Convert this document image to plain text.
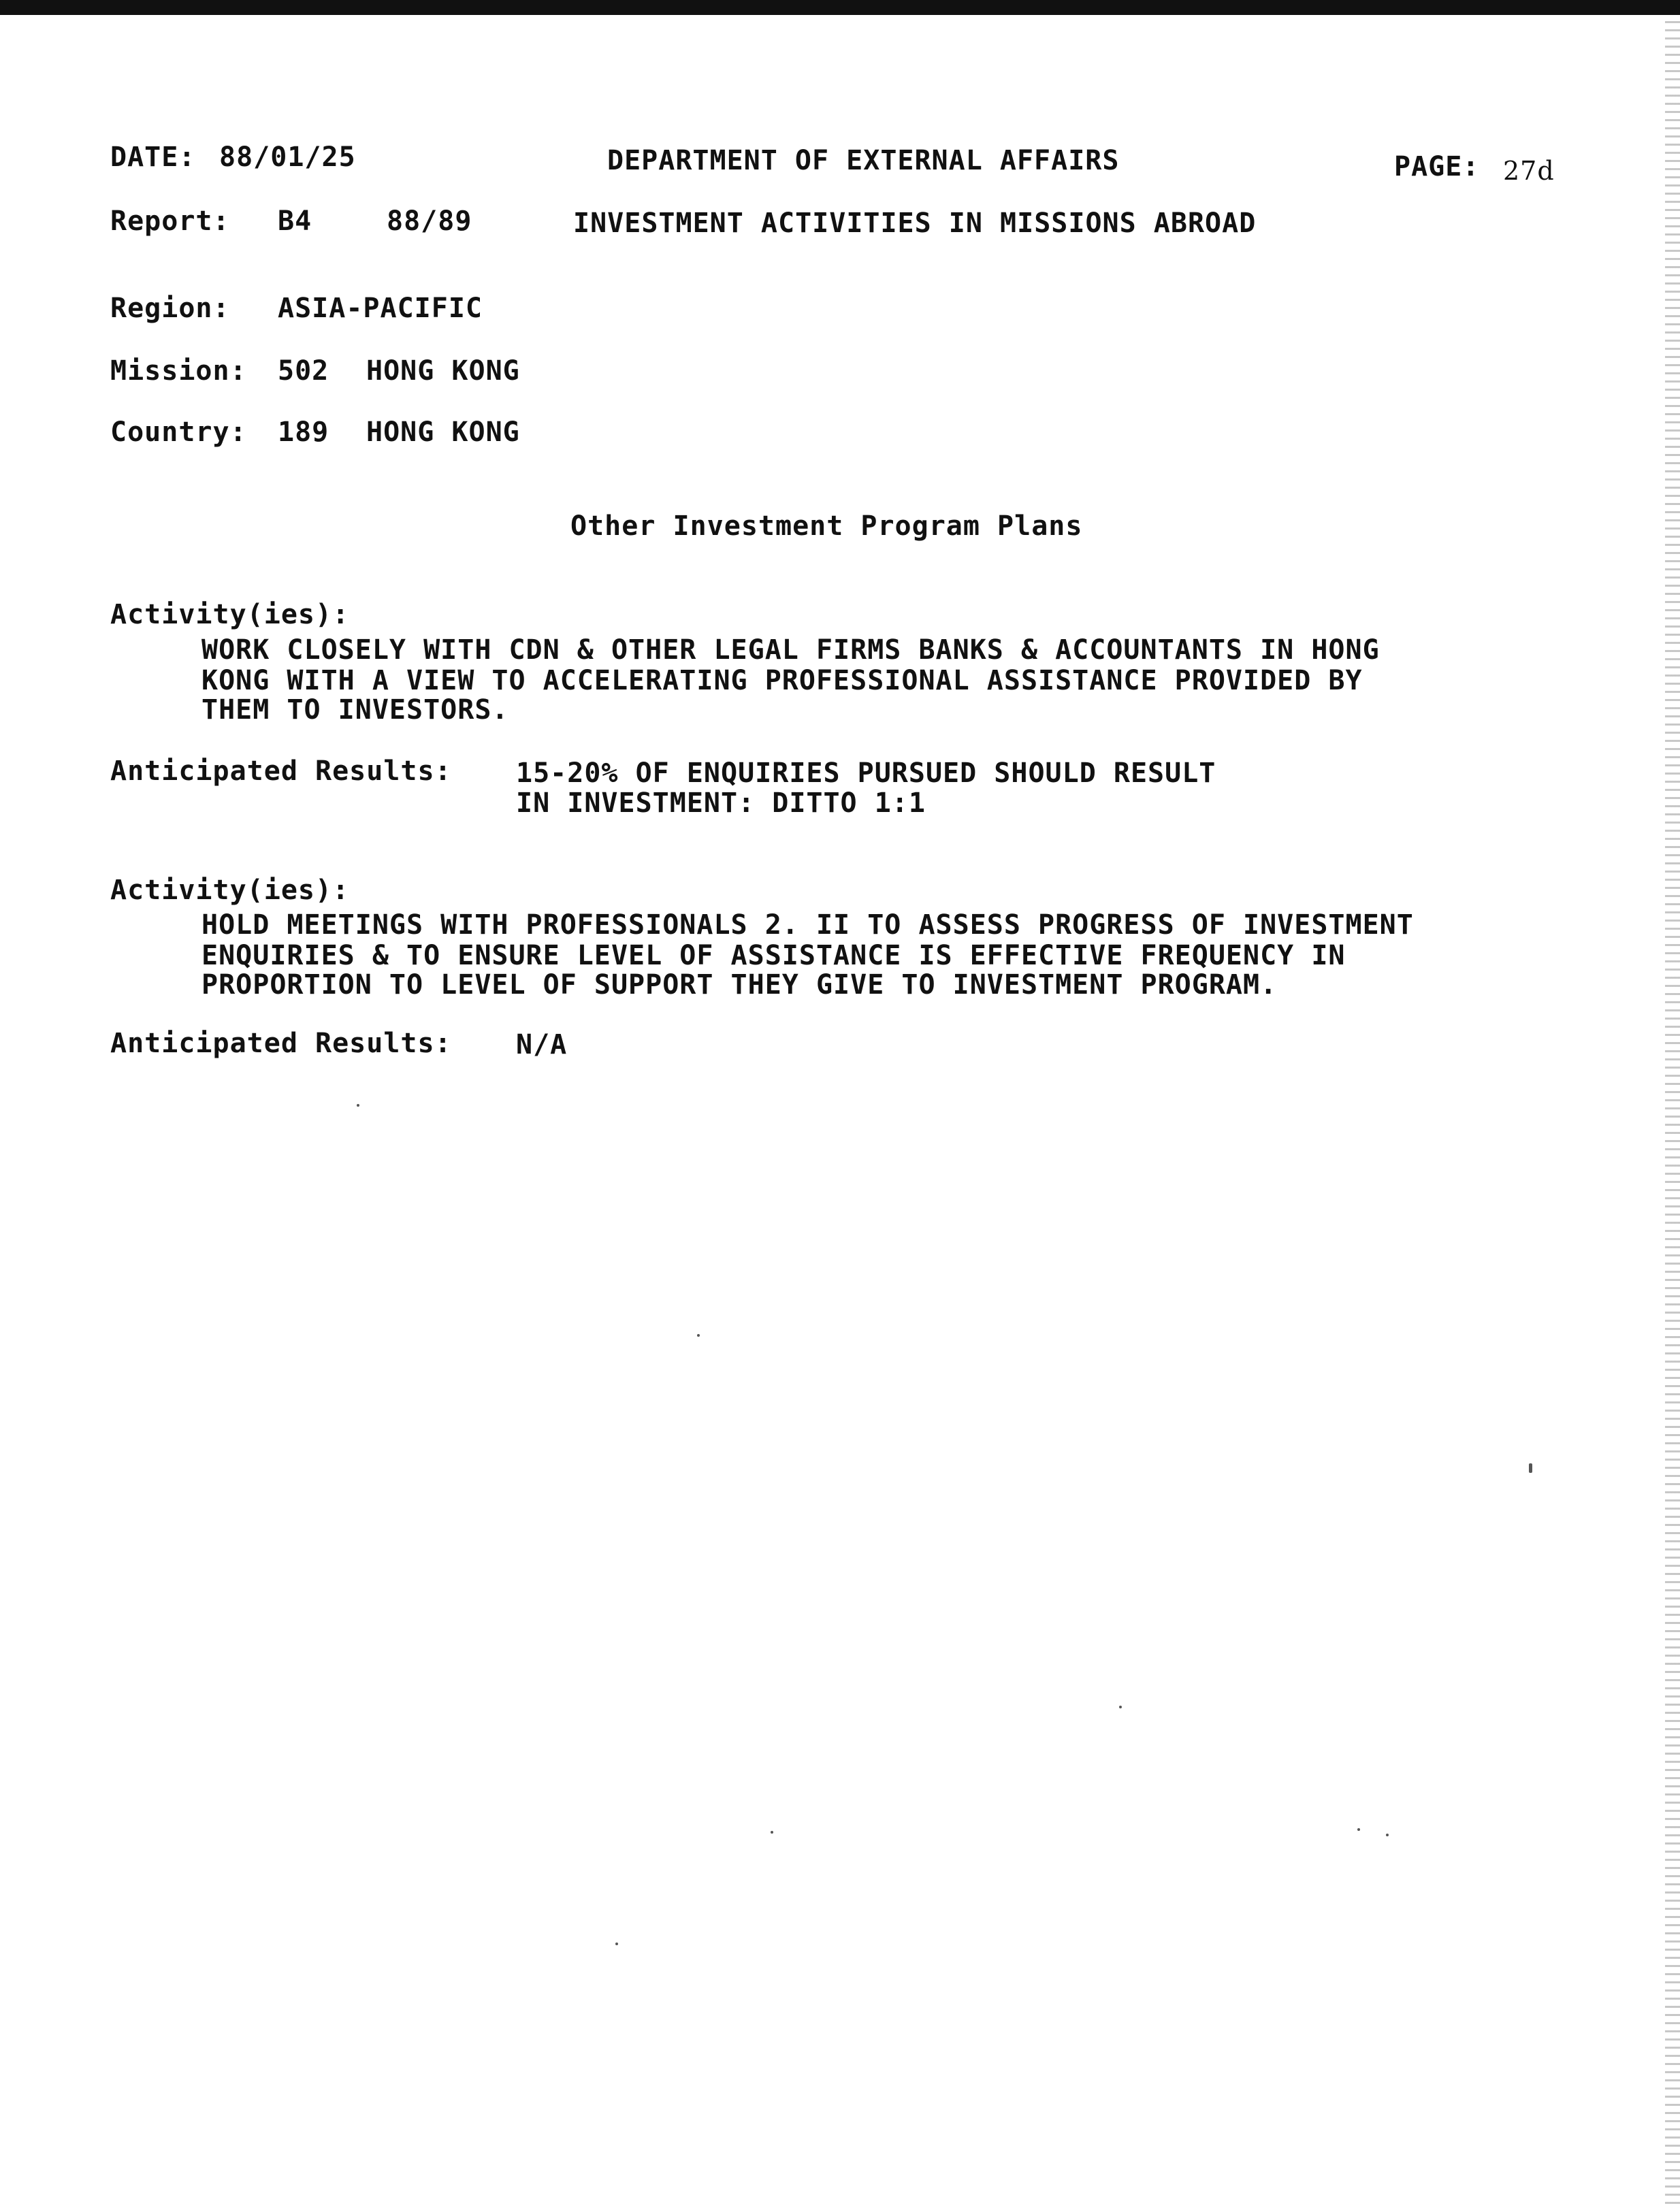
DATE: 88/01/25	DEPARTMENT OF EXTERNAL AFFAIRS	PAGE: 27d
Report: B4	88/89	INVESTMENT ACTIVITIES IN MISSIONS ABROAD
Region: ASIA-PACIFIC
Mission: 502 HONG KONG
Country: 189 HONG KONG
Other Investment Program Plans
Activity(ies):
WORK CLOSELY WITH CDN & OTHER LEGAL FIRMS BANKS & ACCOUNTANTS IN HONG
KONG WITH A VIEW TO ACCELERATING PROFESSIONAL ASSISTANCE PROVIDED BY
THEM TO INVESTORS.
Anticipated Results: 15-20% OF ENQUIRIES PURSUED SHOULD RESULT
IN INVESTMENT: DITTO 1:1
Activity(ies):
HOLD MEETINGS WITH PROFESSIONALS 2. II TO ASSESS PROGRESS OF INVESTMENT
ENQUIRIES & TO ENSURE LEVEL OF ASSISTANCE IS EFFECTIVE FREQUENCY IN
PROPORTION TO LEVEL OF SUPPORT THEY GIVE TO INVESTMENT PROGRAM.
Anticipated Results: N/A
